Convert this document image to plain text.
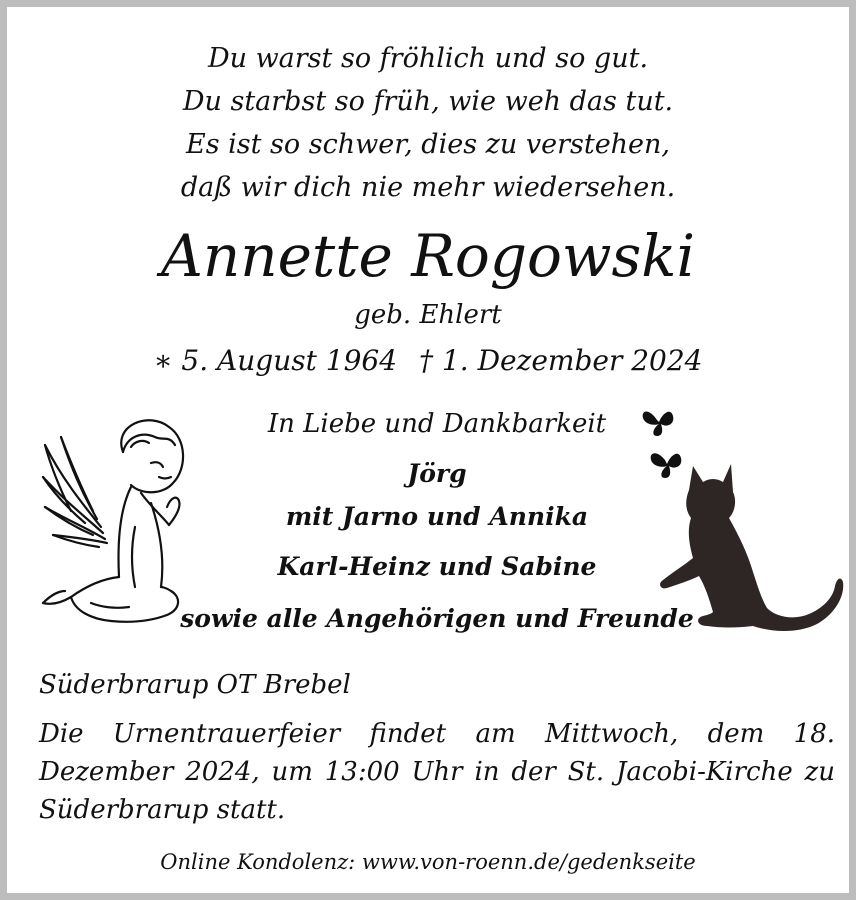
Du warst so fröhlich und so gut.
Du starbst so früh, wie weh das tut.
Es ist so schwer, dies zu verstehen,
daß wir dich nie mehr wiedersehen.
Annette Rogowski
geb. Ehlert
∗ 5. August 1964 † 1. Dezember 2024
In Liebe und Dankbarkeit
Jörg
mit Jarno und Annika
Karl-Heinz und Sabine
sowie alle Angehörigen und Freunde
Süderbrarup OT Brebel
Die Urnentrauerfeier findet am Mittwoch, dem 18. Dezember 2024, um 13:00 Uhr in der St. Jacobi-Kirche zu Süderbrarup statt.
Online Kondolenz: www.von-roenn.de/gedenkseite
